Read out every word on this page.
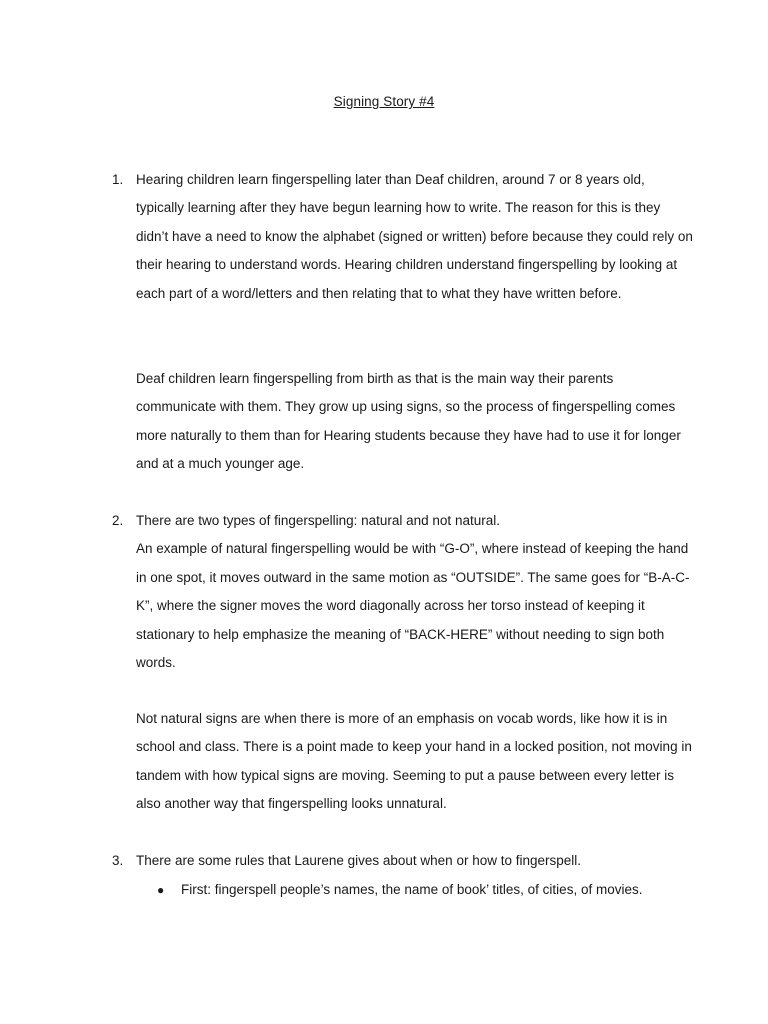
Signing Story #4
1. Hearing children learn fingerspelling later than Deaf children, around 7 or 8 years old, typically learning after they have begun learning how to write. The reason for this is they didn’t have a need to know the alphabet (signed or written) before because they could rely on their hearing to understand words. Hearing children understand fingerspelling by looking at each part of a word/letters and then relating that to what they have written before.

Deaf children learn fingerspelling from birth as that is the main way their parents communicate with them. They grow up using signs, so the process of fingerspelling comes more naturally to them than for Hearing students because they have had to use it for longer and at a much younger age.

2. There are two types of fingerspelling: natural and not natural.

An example of natural fingerspelling would be with “G-O”, where instead of keeping the hand in one spot, it moves outward in the same motion as “OUTSIDE”. The same goes for “B-A-C-K”, where the signer moves the word diagonally across her torso instead of keeping it stationary to help emphasize the meaning of “BACK-HERE” without needing to sign both words.

Not natural signs are when there is more of an emphasis on vocab words, like how it is in school and class. There is a point made to keep your hand in a locked position, not moving in tandem with how typical signs are moving. Seeming to put a pause between every letter is also another way that fingerspelling looks unnatural.

3. There are some rules that Laurene gives about when or how to fingerspell.

● First: fingerspell people’s names, the name of book’ titles, of cities, of movies.
